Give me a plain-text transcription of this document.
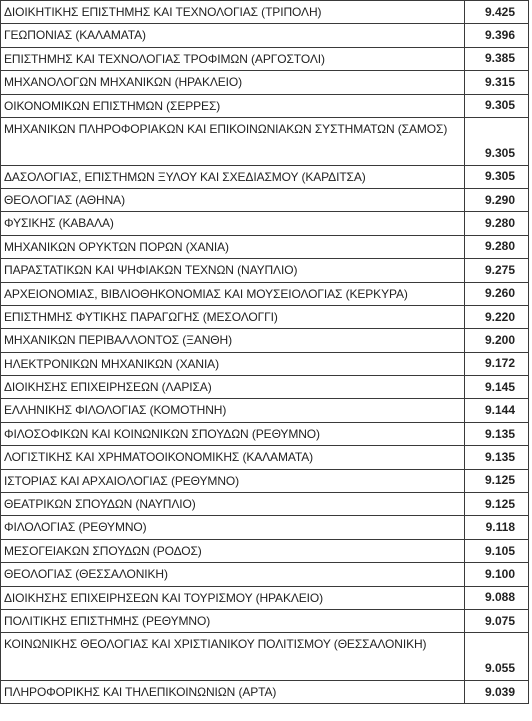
ΔΙΟΙΚΗΤΙΚΗΣ ΕΠΙΣΤΗΜΗΣ ΚΑΙ ΤΕΧΝΟΛΟΓΙΑΣ (ΤΡΙΠΟΛΗ)	9.425
ΓΕΩΠΟΝΙΑΣ (ΚΑΛΑΜΑΤΑ)	9.396
ΕΠΙΣΤΗΜΗΣ ΚΑΙ ΤΕΧΝΟΛΟΓΙΑΣ ΤΡΟΦΙΜΩΝ (ΑΡΓΟΣΤΟΛΙ)	9.385
ΜΗΧΑΝΟΛΟΓΩΝ ΜΗΧΑΝΙΚΩΝ (ΗΡΑΚΛΕΙΟ)	9.315
ΟΙΚΟΝΟΜΙΚΩΝ ΕΠΙΣΤΗΜΩΝ (ΣΕΡΡΕΣ)	9.305
ΜΗΧΑΝΙΚΩΝ ΠΛΗΡΟΦΟΡΙΑΚΩΝ ΚΑΙ ΕΠΙΚΟΙΝΩΝΙΑΚΩΝ ΣΥΣΤΗΜΑΤΩΝ (ΣΑΜΟΣ)
9.305
ΔΑΣΟΛΟΓΙΑΣ, ΕΠΙΣΤΗΜΩΝ ΞΥΛΟΥ ΚΑΙ ΣΧΕΔΙΑΣΜΟΥ (ΚΑΡΔΙΤΣΑ)	9.305
ΘΕΟΛΟΓΙΑΣ (ΑΘΗΝΑ)	9.290
ΦΥΣΙΚΗΣ (ΚΑΒΑΛΑ)	9.280
ΜΗΧΑΝΙΚΩΝ ΟΡΥΚΤΩΝ ΠΟΡΩΝ (ΧΑΝΙΑ)	9.280
ΠΑΡΑΣΤΑΤΙΚΩΝ ΚΑΙ ΨΗΦΙΑΚΩΝ ΤΕΧΝΩΝ (ΝΑΥΠΛΙΟ)	9.275
ΑΡΧΕΙΟΝΟΜΙΑΣ, ΒΙΒΛΙΟΘΗΚΟΝΟΜΙΑΣ ΚΑΙ ΜΟΥΣΕΙΟΛΟΓΙΑΣ (ΚΕΡΚΥΡΑ)	9.260
ΕΠΙΣΤΗΜΗΣ ΦΥΤΙΚΗΣ ΠΑΡΑΓΩΓΗΣ (ΜΕΣΟΛΟΓΓΙ)	9.220
ΜΗΧΑΝΙΚΩΝ ΠΕΡΙΒΑΛΛΟΝΤΟΣ (ΞΑΝΘΗ)	9.200
ΗΛΕΚΤΡΟΝΙΚΩΝ ΜΗΧΑΝΙΚΩΝ (ΧΑΝΙΑ)	9.172
ΔΙΟΙΚΗΣΗΣ ΕΠΙΧΕΙΡΗΣΕΩΝ (ΛΑΡΙΣΑ)	9.145
ΕΛΛΗΝΙΚΗΣ ΦΙΛΟΛΟΓΙΑΣ (ΚΟΜΟΤΗΝΗ)	9.144
ΦΙΛΟΣΟΦΙΚΩΝ ΚΑΙ ΚΟΙΝΩΝΙΚΩΝ ΣΠΟΥΔΩΝ (ΡΕΘΥΜΝΟ)	9.135
ΛΟΓΙΣΤΙΚΗΣ ΚΑΙ ΧΡΗΜΑΤΟΟΙΚΟΝΟΜΙΚΗΣ (ΚΑΛΑΜΑΤΑ)	9.135
ΙΣΤΟΡΙΑΣ ΚΑΙ ΑΡΧΑΙΟΛΟΓΙΑΣ (ΡΕΘΥΜΝΟ)	9.125
ΘΕΑΤΡΙΚΩΝ ΣΠΟΥΔΩΝ (ΝΑΥΠΛΙΟ)	9.125
ΦΙΛΟΛΟΓΙΑΣ (ΡΕΘΥΜΝΟ)	9.118
ΜΕΣΟΓΕΙΑΚΩΝ ΣΠΟΥΔΩΝ (ΡΟΔΟΣ)	9.105
ΘΕΟΛΟΓΙΑΣ (ΘΕΣΣΑΛΟΝΙΚΗ)	9.100
ΔΙΟΙΚΗΣΗΣ ΕΠΙΧΕΙΡΗΣΕΩΝ ΚΑΙ ΤΟΥΡΙΣΜΟΥ (ΗΡΑΚΛΕΙΟ)	9.088
ΠΟΛΙΤΙΚΗΣ ΕΠΙΣΤΗΜΗΣ (ΡΕΘΥΜΝΟ)	9.075
ΚΟΙΝΩΝΙΚΗΣ ΘΕΟΛΟΓΙΑΣ ΚΑΙ ΧΡΙΣΤΙΑΝΙΚΟΥ ΠΟΛΙΤΙΣΜΟΥ (ΘΕΣΣΑΛΟΝΙΚΗ)
9.055
ΠΛΗΡΟΦΟΡΙΚΗΣ ΚΑΙ ΤΗΛΕΠΙΚΟΙΝΩΝΙΩΝ (ΑΡΤΑ)	9.039
